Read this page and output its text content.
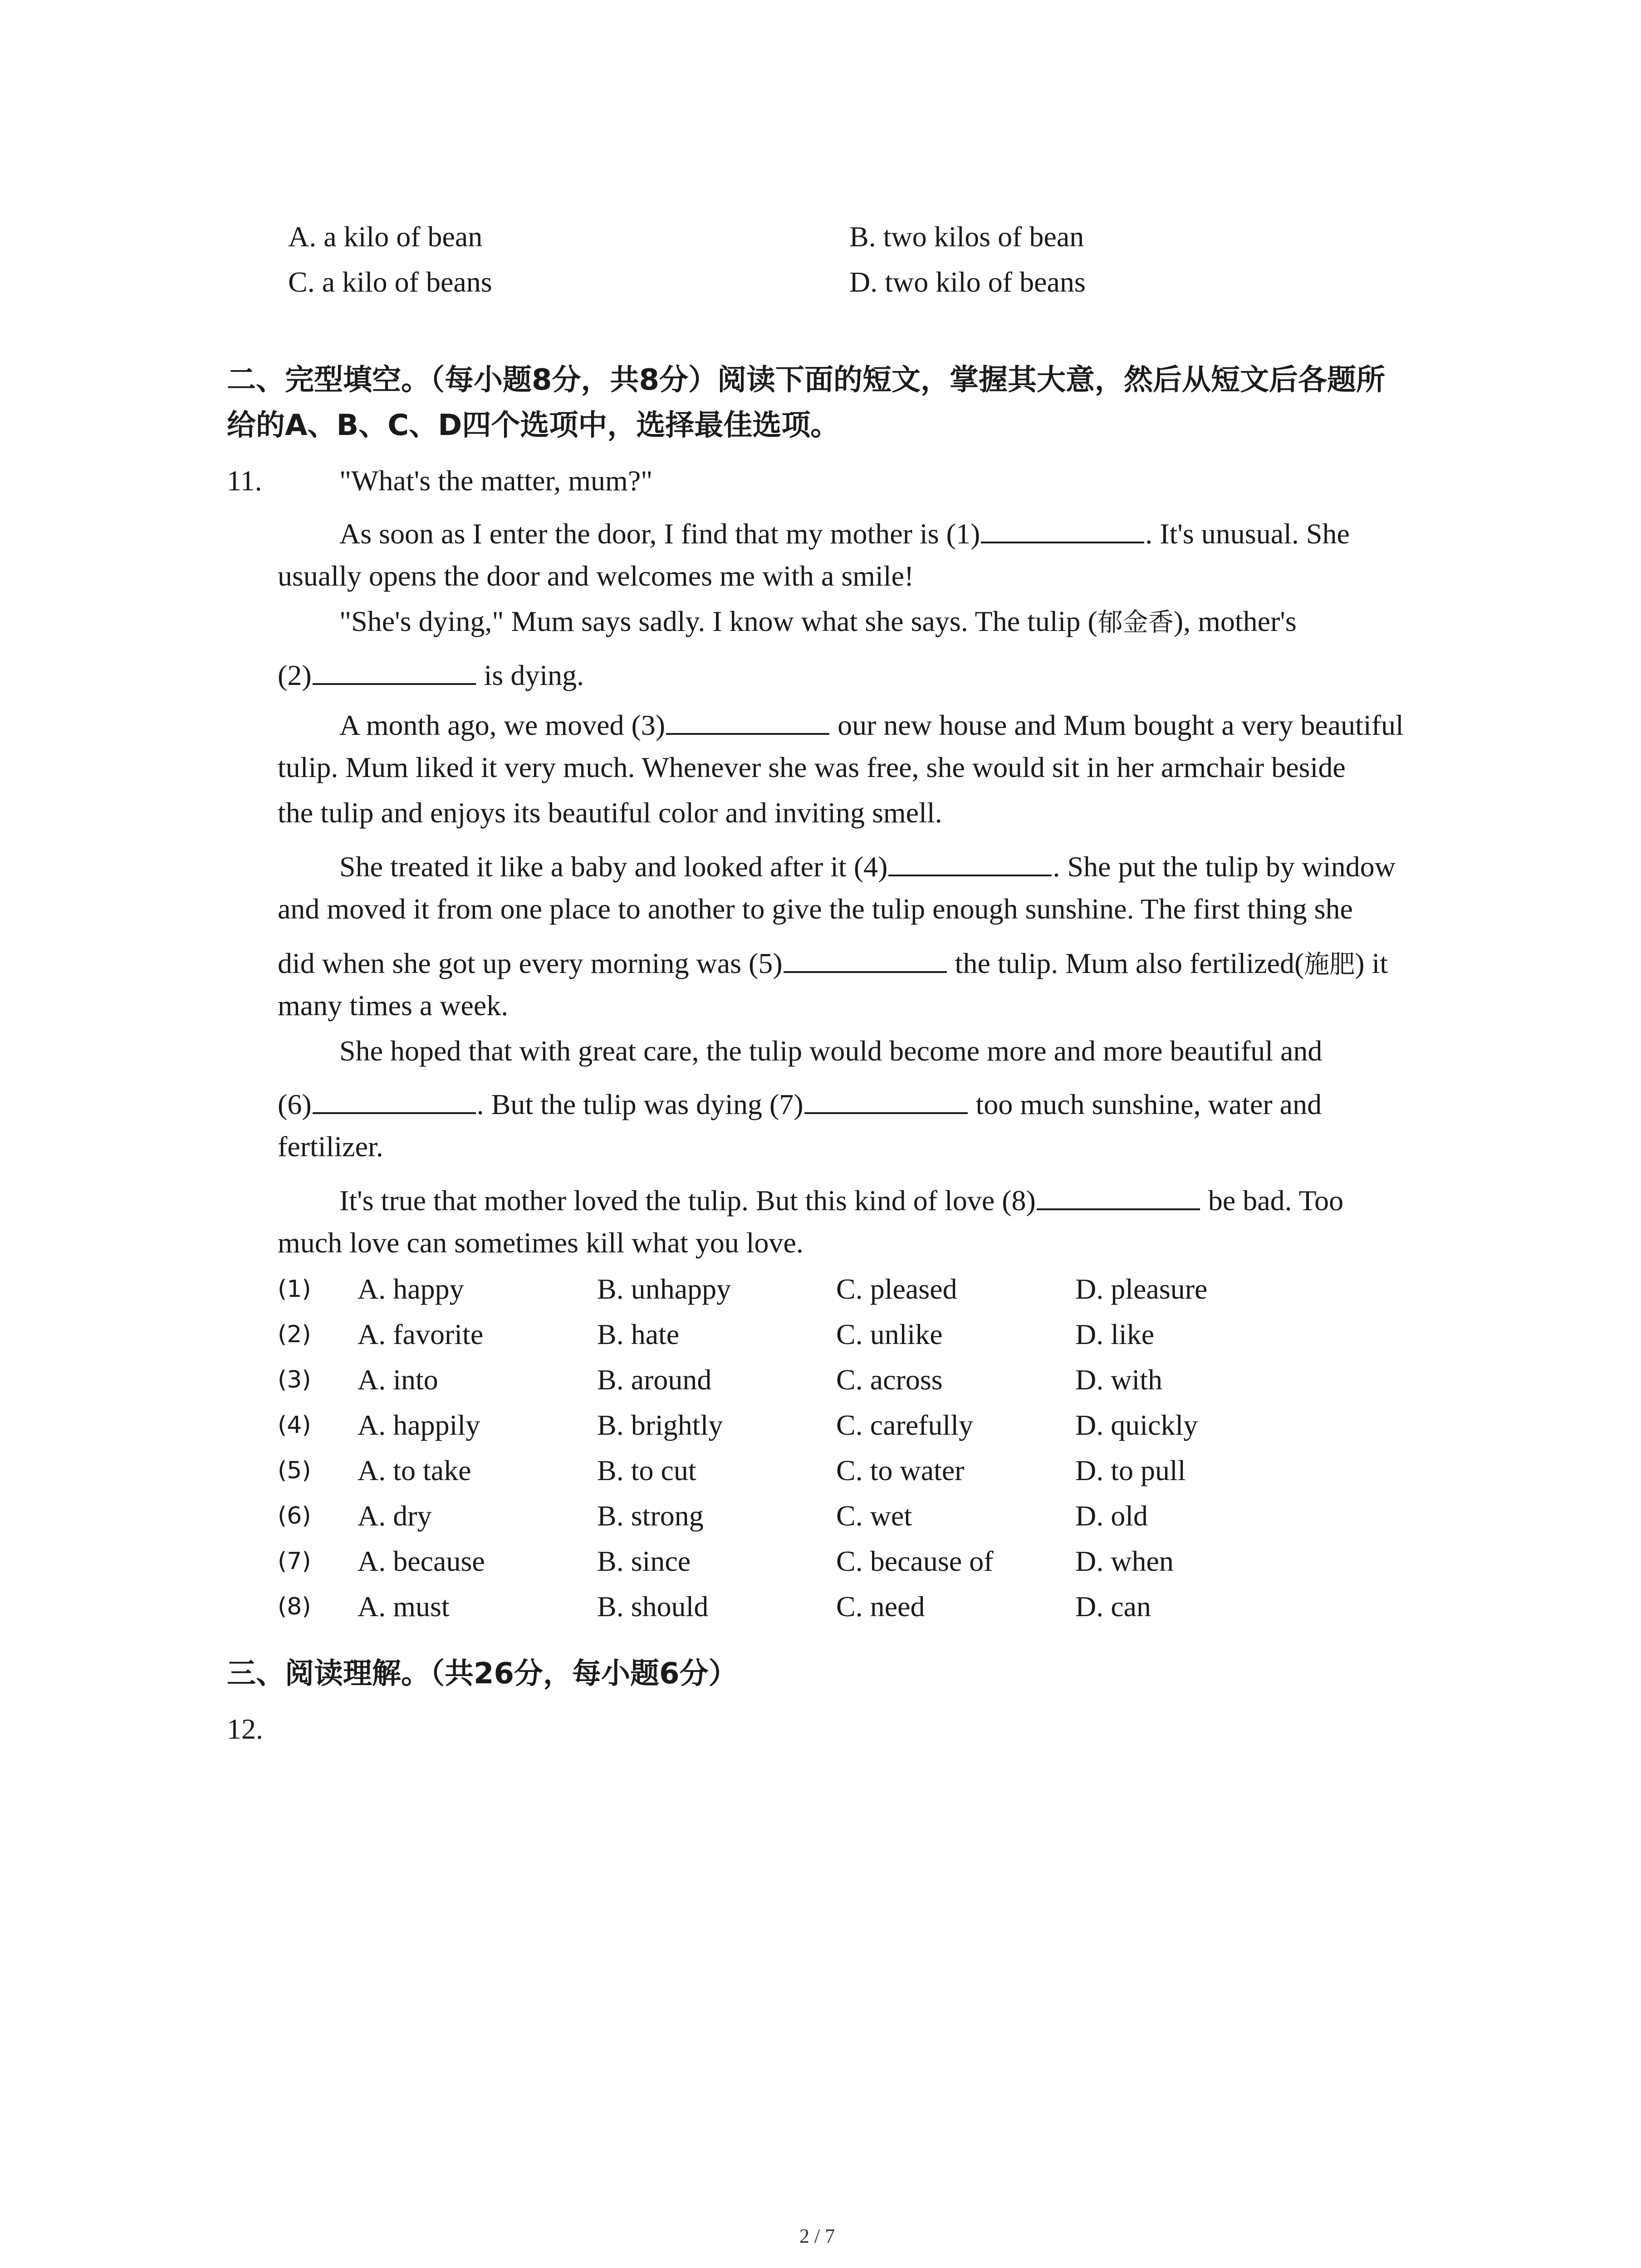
A. a kilo of bean	B. two kilos of bean
C. a kilo of beans	D. two kilo of beans
二、完型填空。（每小题8分，共8分）阅读下面的短文，掌握其大意，然后从短文后各题所
给的A、B、C、D四个选项中，选择最佳选项。
11.	"What's the matter, mum?"
As soon as I enter the door, I find that my mother is (1)	. It's unusual. She
usually opens the door and welcomes me with a smile!
"She's dying," Mum says sadly. I know what she says. The tulip (郁金香), mother's
(2)	is dying.
A month ago, we moved (3)	our new house and Mum bought a very beautiful
tulip. Mum liked it very much. Whenever she was free, she would sit in her armchair beside
the tulip and enjoys its beautiful color and inviting smell.
She treated it like a baby and looked after it (4)	. She put the tulip by window
and moved it from one place to another to give the tulip enough sunshine. The first thing she
did when she got up every morning was (5)	the tulip. Mum also fertilized(施肥) it
many times a week.
She hoped that with great care, the tulip would become more and more beautiful and
(6)	. But the tulip was dying (7)	too much sunshine, water and
fertilizer.
It's true that mother loved the tulip. But this kind of love (8)	be bad. Too
much love can sometimes kill what you love.
(1) A. happy	B. unhappy	C. pleased	D. pleasure
(2) A. favorite	B. hate	C. unlike	D. like
(3) A. into	B. around	C. across	D. with
(4) A. happily	B. brightly	C. carefully	D. quickly
(5) A. to take	B. to cut	C. to water	D. to pull
(6) A. dry	B. strong	C. wet	D. old
(7) A. because	B. since	C. because of	D. when
(8) A. must	B. should	C. need	D. can
三、阅读理解。（共26分，每小题6分）
12.
2 / 7
